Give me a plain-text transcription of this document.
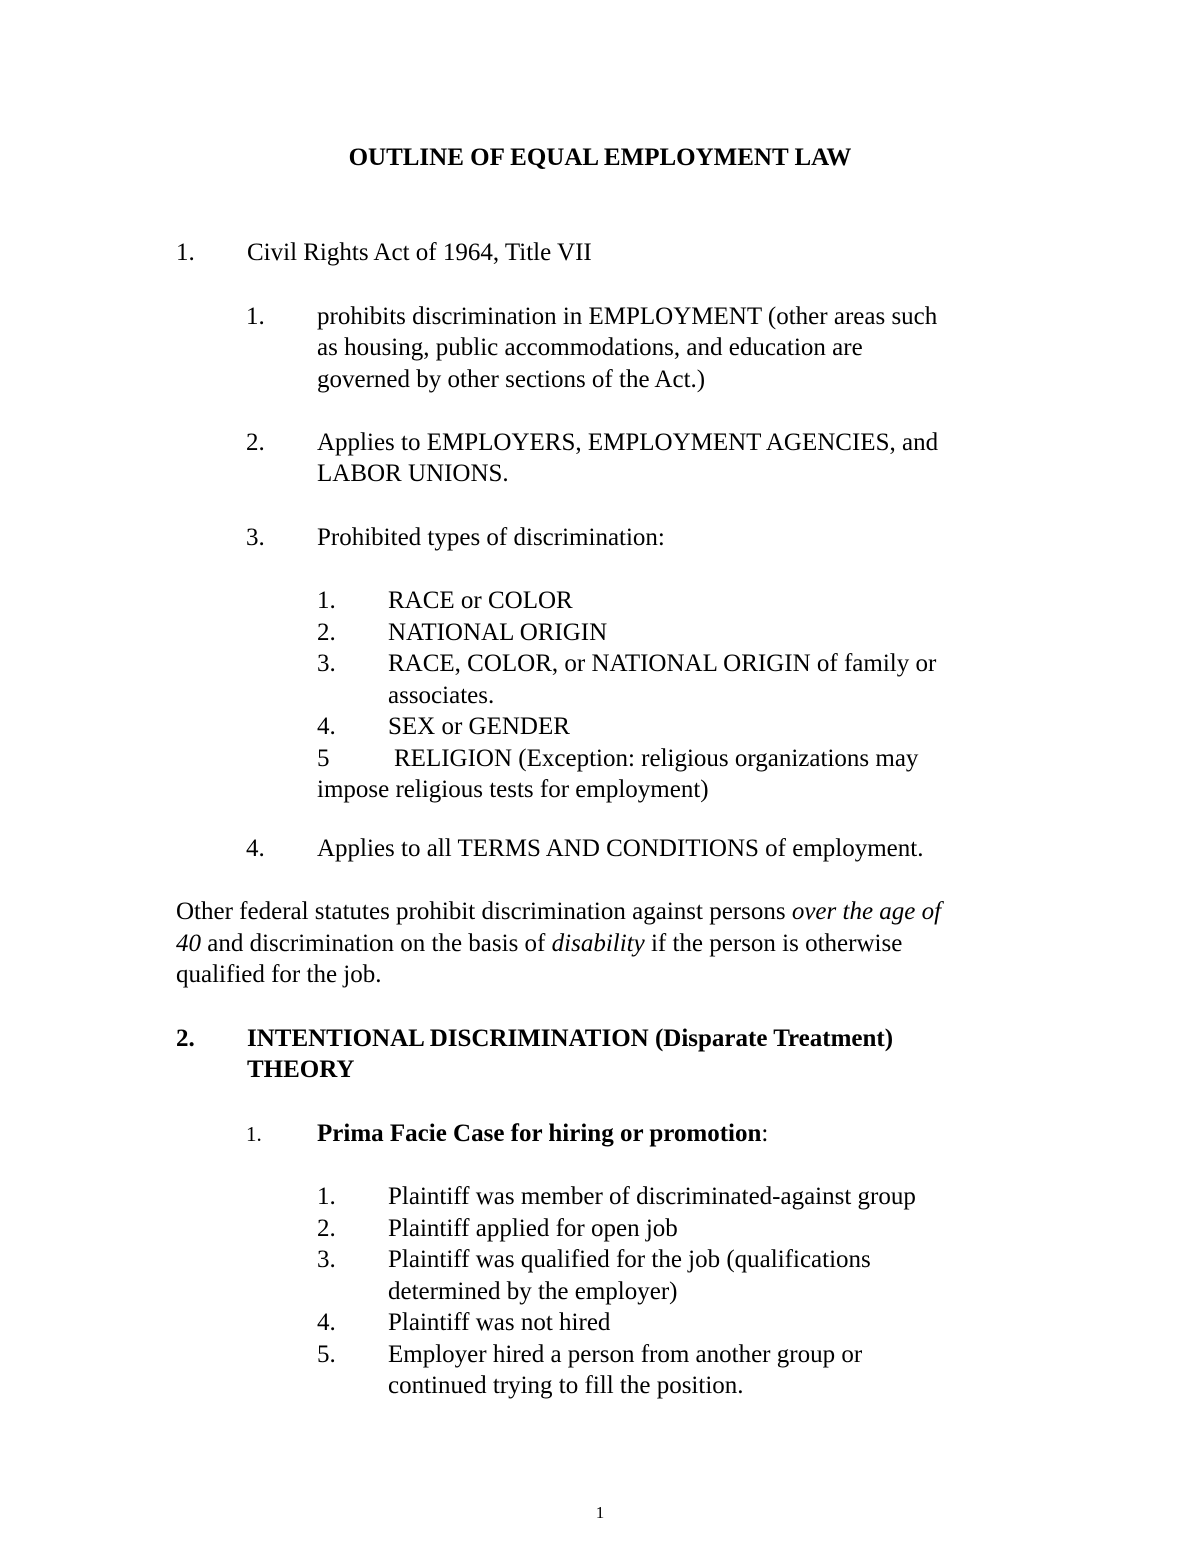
OUTLINE OF EQUAL EMPLOYMENT LAW
1. Civil Rights Act of 1964, Title VII
1. prohibits discrimination in EMPLOYMENT (other areas such
as housing, public accommodations, and education are
governed by other sections of the Act.)
2. Applies to EMPLOYERS, EMPLOYMENT AGENCIES, and
LABOR UNIONS.
3. Prohibited types of discrimination:
1. RACE or COLOR
2. NATIONAL ORIGIN
3. RACE, COLOR, or NATIONAL ORIGIN of family or
associates.
4. SEX or GENDER
5	RELIGION (Exception: religious organizations may
impose religious tests for employment)
4. Applies to all TERMS AND CONDITIONS of employment.
Other federal statutes prohibit discrimination against persons over the age of
40 and discrimination on the basis of disability if the person is otherwise
qualified for the job.
2. INTENTIONAL DISCRIMINATION (Disparate Treatment)
THEORY
1. Prima Facie Case for hiring or promotion:
1. Plaintiff was member of discriminated-against group
2. Plaintiff applied for open job
3. Plaintiff was qualified for the job (qualifications
determined by the employer)
4. Plaintiff was not hired
5. Employer hired a person from another group or
continued trying to fill the position.
1
